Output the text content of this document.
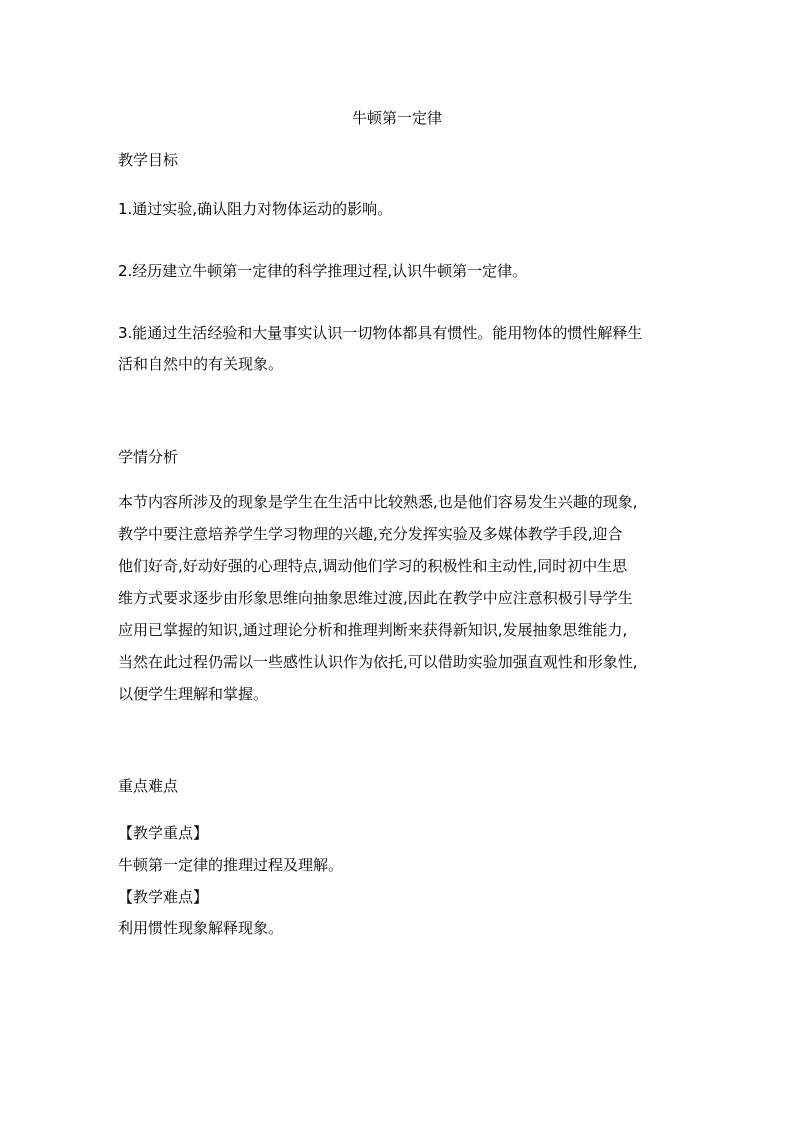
牛顿第一定律
教学目标
1.通过实验,确认阻力对物体运动的影响。
2.经历建立牛顿第一定律的科学推理过程,认识牛顿第一定律。
3.能通过生活经验和大量事实认识一切物体都具有惯性。能用物体的惯性解释生
活和自然中的有关现象。
学情分析
本节内容所涉及的现象是学生在生活中比较熟悉,也是他们容易发生兴趣的现象,
教学中要注意培养学生学习物理的兴趣,充分发挥实验及多媒体教学手段,迎合
他们好奇,好动好强的心理特点,调动他们学习的积极性和主动性,同时初中生思
维方式要求逐步由形象思维向抽象思维过渡,因此在教学中应注意积极引导学生
应用已掌握的知识,通过理论分析和推理判断来获得新知识,发展抽象思维能力,
当然在此过程仍需以一些感性认识作为依托,可以借助实验加强直观性和形象性,
以便学生理解和掌握。
重点难点
【教学重点】
牛顿第一定律的推理过程及理解。
【教学难点】
利用惯性现象解释现象。
